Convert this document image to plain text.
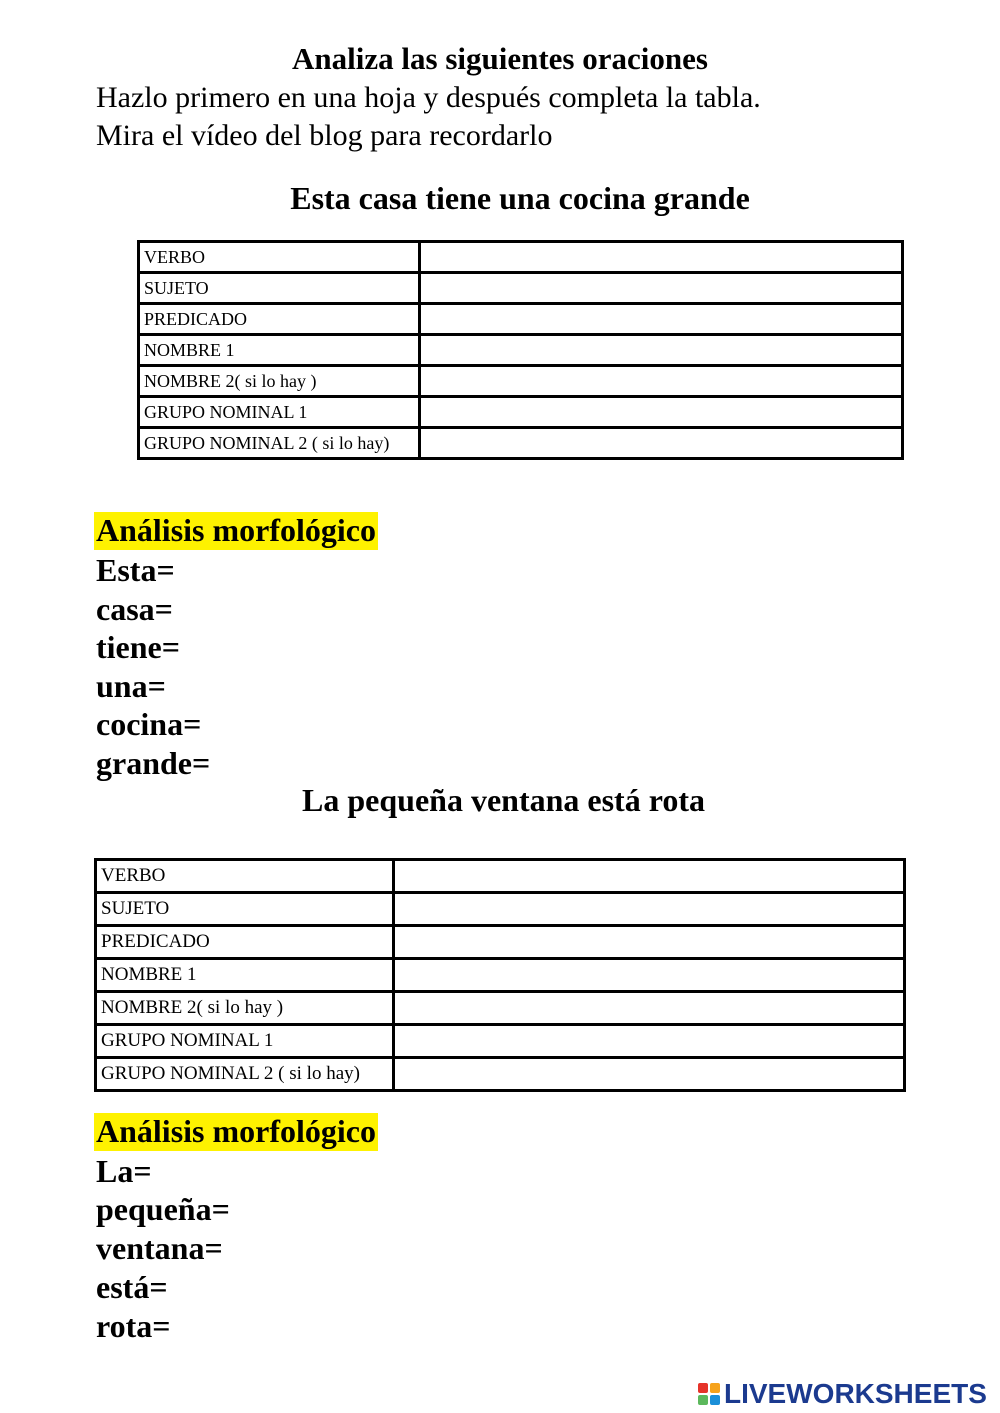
Analiza las siguientes oraciones
Hazlo primero en una hoja y después completa la tabla.
Mira el vídeo del blog para recordarlo
Esta casa tiene una cocina grande
VERBO	
SUJETO	
PREDICADO	
NOMBRE 1	
NOMBRE 2( si lo hay )	
GRUPO NOMINAL 1	
GRUPO NOMINAL 2 ( si lo hay)	
Análisis morfológico
Esta=
casa=
tiene=
una=
cocina=
grande=
La pequeña ventana está rota
VERBO	
SUJETO	
PREDICADO	
NOMBRE 1	
NOMBRE 2( si lo hay )	
GRUPO NOMINAL 1	
GRUPO NOMINAL 2 ( si lo hay)	
Análisis morfológico
La=
pequeña=
ventana=
está=
rota=
LIVEWORKSHEETS
